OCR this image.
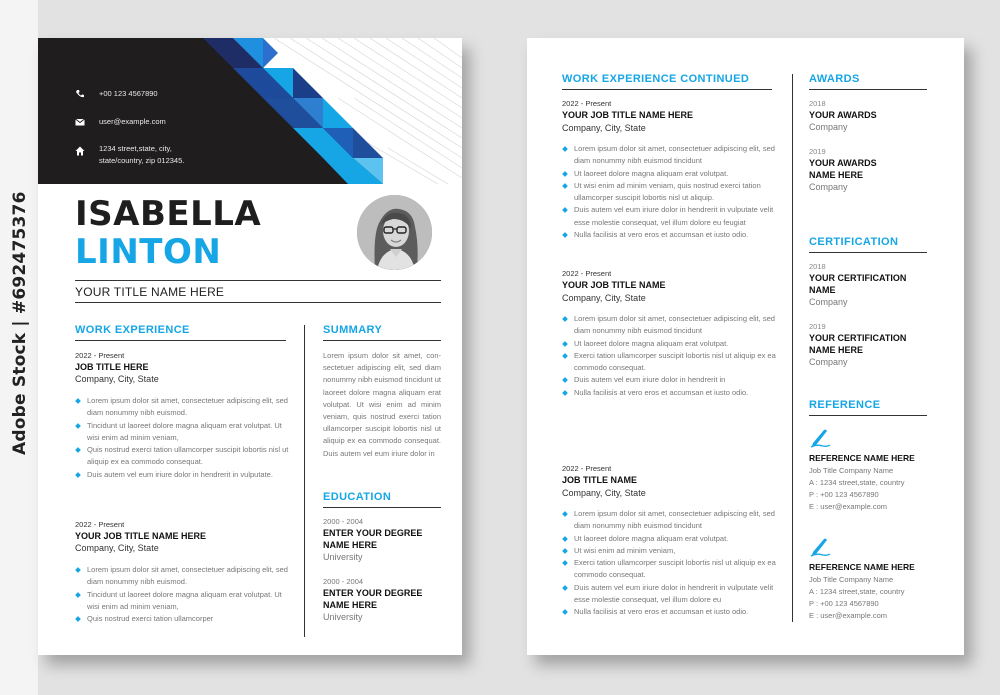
Adobe Stock | #692475376
+00 123 4567890
user@example.com
1234 street,state, city,
state/country, zip 012345.
ISABELLA
LINTON
YOUR TITLE NAME HERE
WORK EXPERIENCE
2022 - Present
JOB TITLE HERE
Company, City, State
Lorem ipsum dolor sit amet, consectetuer adipiscing elit, sed diam nonummy nibh euismod.
Tincidunt ut laoreet dolore magna aliquam erat volutpat. Ut wisi enim ad minim veniam,
Quis nostrud exerci tation ullamcorper suscipit lobortis nisl ut aliquip ex ea commodo consequat.
Duis autem vel eum iriure dolor in hendrerit in vulputate.
2022 - Present
YOUR JOB TITLE NAME HERE
Company, City, State
Lorem ipsum dolor sit amet, consectetuer adipiscing elit, sed diam nonummy nibh euismod.
Tincidunt ut laoreet dolore magna aliquam erat volutpat. Ut wisi enim ad minim veniam,
Quis nostrud exerci tation ullamcorper
SUMMARY
Lorem ipsum dolor sit amet, con- sectetuer adipiscing elit, sed diam nonummy nibh euismod tincidunt ut laoreet dolore magna aliquam erat volutpat. Ut wisi enim ad minim veniam, quis nostrud exerci tation ullamcorper suscipit lobortis nisl ut aliquip ex ea commodo consequat. Duis autem vel eum iriure dolor in
EDUCATION
2000 - 2004
ENTER YOUR DEGREE
NAME HERE
University
2000 - 2004
ENTER YOUR DEGREE
NAME HERE
University
WORK EXPERIENCE CONTINUED
2022 - Present
YOUR JOB TITLE NAME HERE
Company, City, State
Lorem ipsum dolor sit amet, consectetuer adipiscing elit, sed diam nonummy nibh euismod tincidunt
Ut laoreet dolore magna aliquam erat volutpat.
Ut wisi enim ad minim veniam, quis nostrud exerci tation ullamcorper suscipit lobortis nisl ut aliquip.
Duis autem vel eum iriure dolor in hendrerit in vulputate velit esse molestie consequat, vel illum dolore eu feugiat
Nulla facilisis at vero eros et accumsan et iusto odio.
2022 - Present
YOUR JOB TITLE NAME
Company, City, State
Lorem ipsum dolor sit amet, consectetuer adipiscing elit, sed diam nonummy nibh euismod tincidunt
Ut laoreet dolore magna aliquam erat volutpat.
Exerci tation ullamcorper suscipit lobortis nisl ut aliquip ex ea commodo consequat.
Duis autem vel eum iriure dolor in hendrerit in
Nulla facilisis at vero eros et accumsan et iusto odio.
2022 - Present
JOB TITLE NAME
Company, City, State
Lorem ipsum dolor sit amet, consectetuer adipiscing elit, sed diam nonummy nibh euismod tincidunt
Ut laoreet dolore magna aliquam erat volutpat.
Ut wisi enim ad minim veniam,
Exerci tation ullamcorper suscipit lobortis nisl ut aliquip ex ea commodo consequat.
Duis autem vel eum iriure dolor in hendrerit in vulputate velit esse molestie consequat, vel illum dolore eu
Nulla facilisis at vero eros et accumsan et iusto odio.
AWARDS
2018
YOUR AWARDS
Company
2019
YOUR AWARDS
NAME HERE
Company
CERTIFICATION
2018
YOUR CERTIFICATION
NAME
Company
2019
YOUR CERTIFICATION
NAME HERE
Company
REFERENCE
REFERENCE NAME HERE
Job Title Company Name
A : 1234 street,state, country
P : +00 123 4567890
E : user@example.com
REFERENCE NAME HERE
Job Title Company Name
A : 1234 street,state, country
P : +00 123 4567890
E : user@example.com
